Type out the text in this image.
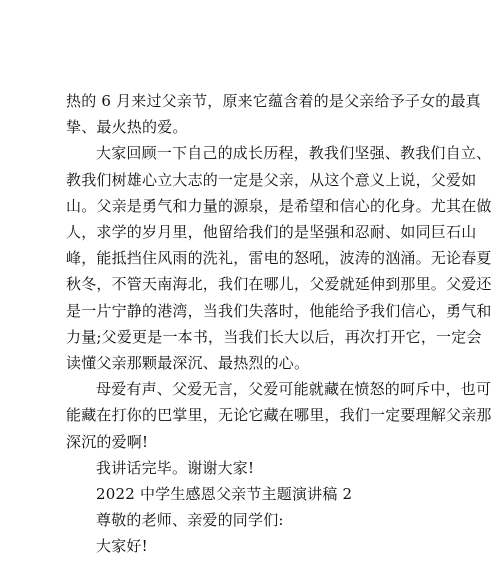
热的 6 月来过父亲节，原来它蕴含着的是父亲给予子女的最真
挚、最火热的爱。

大家回顾一下自己的成长历程，教我们坚强、教我们自立、
教我们树雄心立大志的一定是父亲，从这个意义上说，父爱如
山。父亲是勇气和力量的源泉，是希望和信心的化身。尤其在做
人，求学的岁月里，他留给我们的是坚强和忍耐、如同巨石山
峰，能抵挡住风雨的洗礼，雷电的怒吼，波涛的汹涌。无论春夏
秋冬，不管天南海北，我们在哪儿，父爱就延伸到那里。父爱还
是一片宁静的港湾，当我们失落时，他能给予我们信心，勇气和
力量;父爱更是一本书，当我们长大以后，再次打开它，一定会
读懂父亲那颗最深沉、最热烈的心。

母爱有声、父爱无言，父爱可能就藏在愤怒的呵斥中，也可
能藏在打你的巴掌里，无论它藏在哪里，我们一定要理解父亲那
深沉的爱啊!

我讲话完毕。谢谢大家!

2022 中学生感恩父亲节主题演讲稿 2

尊敬的老师、亲爱的同学们:

大家好!
